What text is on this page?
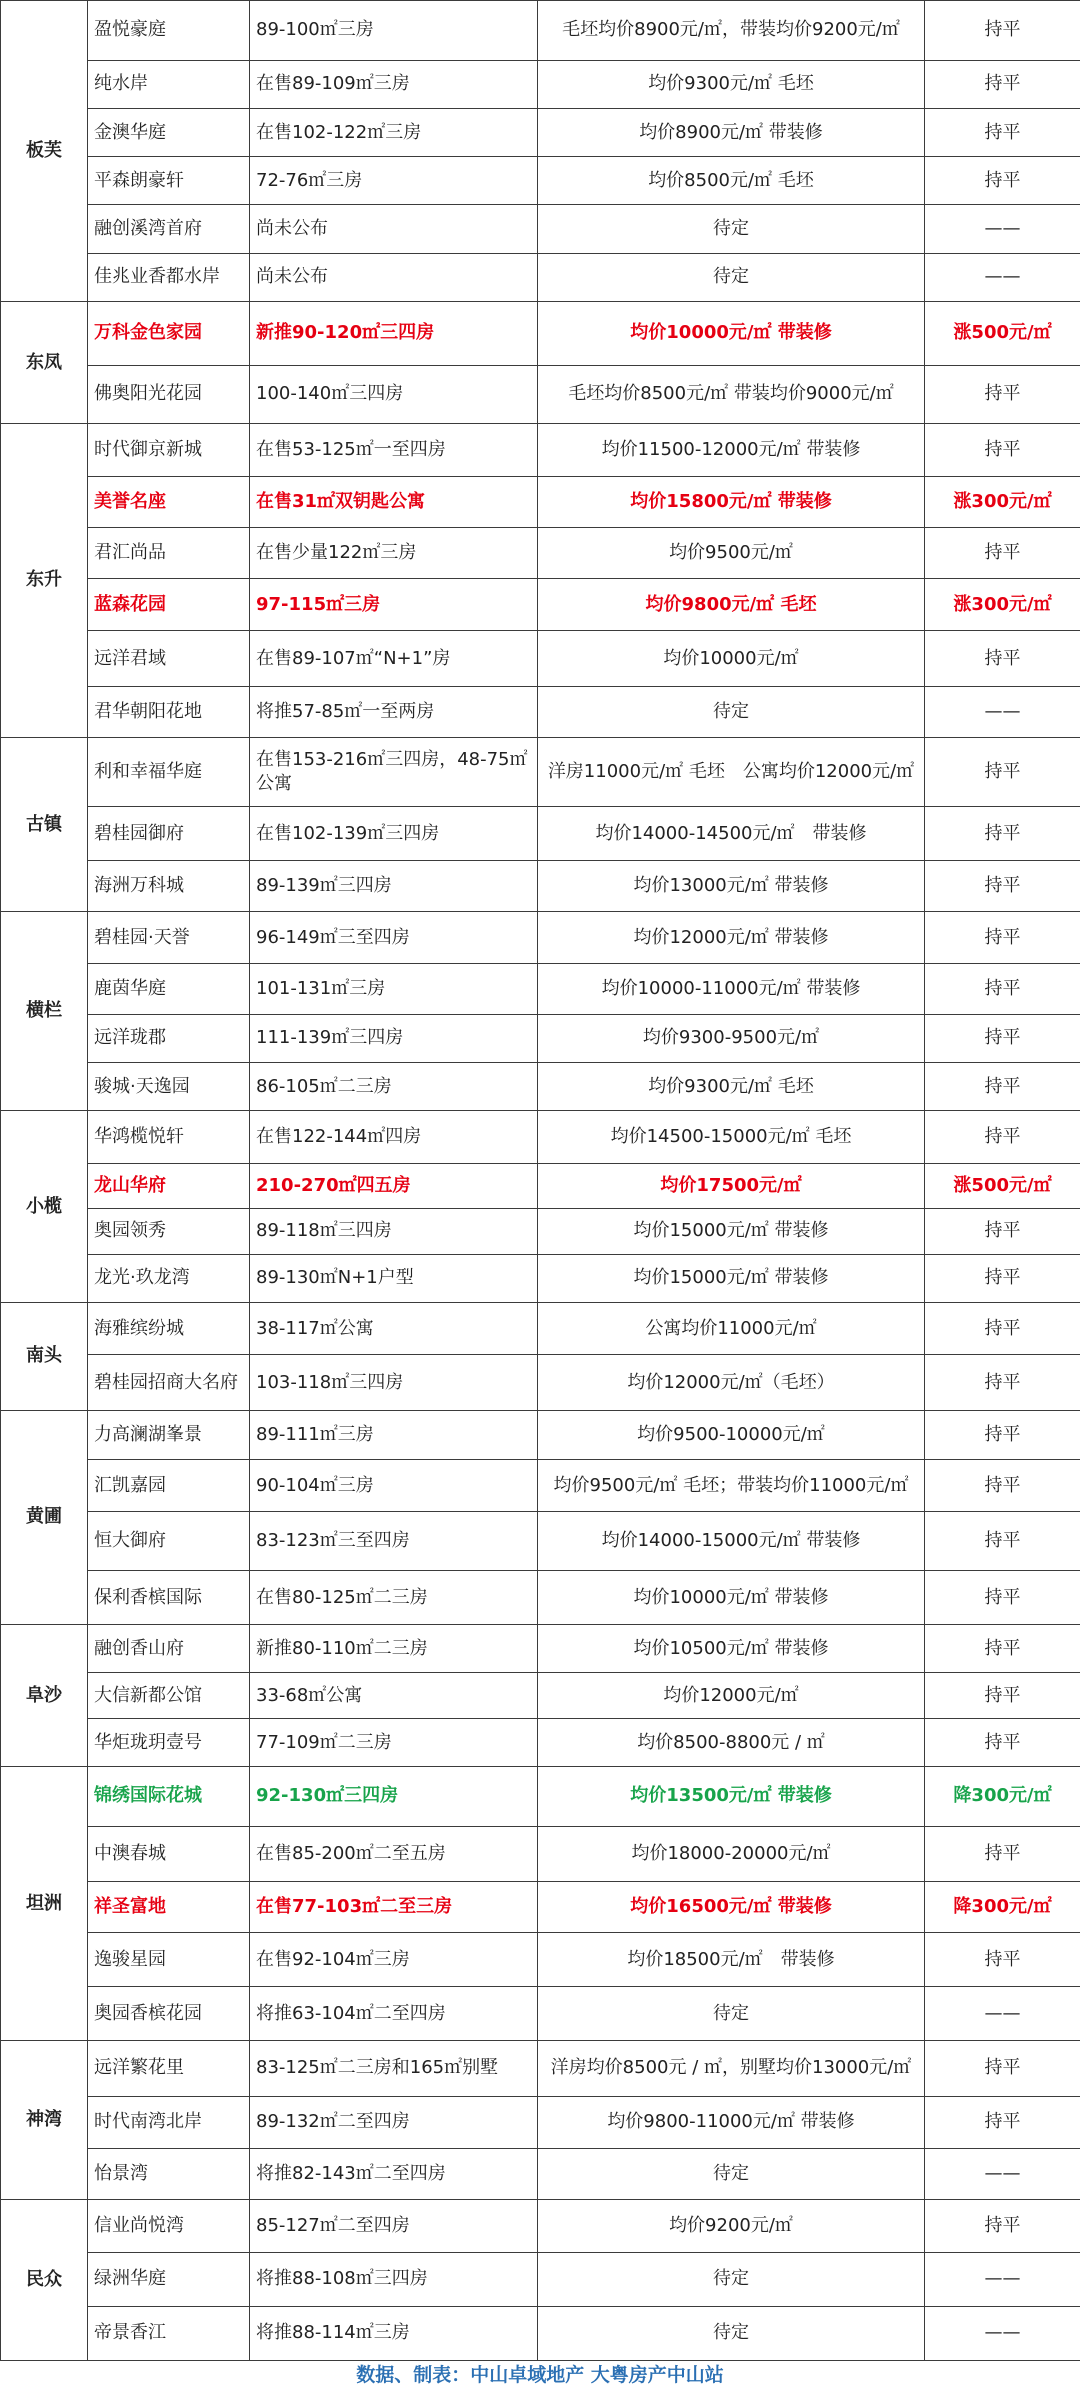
板芙	盈悦豪庭	89-100㎡三房	毛坯均价8900元/㎡，带装均价9200元/㎡	持平
	纯水岸	在售89-109㎡三房	均价9300元/㎡ 毛坯	持平
	金澳华庭	在售102-122㎡三房	均价8900元/㎡ 带装修	持平
	平森朗豪轩	72-76㎡三房	均价8500元/㎡ 毛坯	持平
	融创溪湾首府	尚未公布	待定	——
	佳兆业香都水岸	尚未公布	待定	——
东凤	万科金色家园	新推90-120㎡三四房	均价10000元/㎡ 带装修	涨500元/㎡
	佛奥阳光花园	100-140㎡三四房	毛坯均价8500元/㎡ 带装均价9000元/㎡	持平
东升	时代御京新城	在售53-125㎡一至四房	均价11500-12000元/㎡ 带装修	持平
	美誉名座	在售31㎡双钥匙公寓	均价15800元/㎡ 带装修	涨300元/㎡
	君汇尚品	在售少量122㎡三房	均价9500元/㎡	持平
	蓝森花园	97-115㎡三房	均价9800元/㎡ 毛坯	涨300元/㎡
	远洋君域	在售89-107㎡“N+1”房	均价10000元/㎡	持平
	君华朝阳花地	将推57-85㎡一至两房	待定	——
古镇	利和幸福华庭	在售153-216㎡三四房，48-75㎡公寓	洋房11000元/㎡ 毛坯　公寓均价12000元/㎡	持平
	碧桂园御府	在售102-139㎡三四房	均价14000-14500元/㎡　带装修	持平
	海洲万科城	89-139㎡三四房	均价13000元/㎡ 带装修	持平
横栏	碧桂园·天誉	96-149㎡三至四房	均价12000元/㎡ 带装修	持平
	鹿茵华庭	101-131㎡三房	均价10000-11000元/㎡ 带装修	持平
	远洋珑郡	111-139㎡三四房	均价9300-9500元/㎡	持平
	骏城·天逸园	86-105㎡二三房	均价9300元/㎡ 毛坯	持平
小榄	华鸿榄悦轩	在售122-144㎡四房	均价14500-15000元/㎡ 毛坯	持平
	龙山华府	210-270㎡四五房	均价17500元/㎡	涨500元/㎡
	奥园领秀	89-118㎡三四房	均价15000元/㎡ 带装修	持平
	龙光·玖龙湾	89-130㎡N+1户型	均价15000元/㎡ 带装修	持平
南头	海雅缤纷城	38-117㎡公寓	公寓均价11000元/㎡	持平
	碧桂园招商大名府	103-118㎡三四房	均价12000元/㎡（毛坯）	持平
黄圃	力高澜湖峯景	89-111㎡三房	均价9500-10000元/㎡	持平
	汇凯嘉园	90-104㎡三房	均价9500元/㎡ 毛坯；带装均价11000元/㎡	持平
	恒大御府	83-123㎡三至四房	均价14000-15000元/㎡ 带装修	持平
	保利香槟国际	在售80-125㎡二三房	均价10000元/㎡ 带装修	持平
阜沙	融创香山府	新推80-110㎡二三房	均价10500元/㎡ 带装修	持平
	大信新都公馆	33-68㎡公寓	均价12000元/㎡	持平
	华炬珑玥壹号	77-109㎡二三房	均价8500-8800元 / ㎡	持平
坦洲	锦绣国际花城	92-130㎡三四房	均价13500元/㎡ 带装修	降300元/㎡
	中澳春城	在售85-200㎡二至五房	均价18000-20000元/㎡	持平
	祥圣富地	在售77-103㎡二至三房	均价16500元/㎡ 带装修	降300元/㎡
	逸骏星园	在售92-104㎡三房	均价18500元/㎡　带装修	持平
	奥园香槟花园	将推63-104㎡二至四房	待定	——
神湾	远洋繁花里	83-125㎡二三房和165㎡别墅	洋房均价8500元 / ㎡，别墅均价13000元/㎡	持平
	时代南湾北岸	89-132㎡二至四房	均价9800-11000元/㎡ 带装修	持平
	怡景湾	将推82-143㎡二至四房	待定	——
民众	信业尚悦湾	85-127㎡二至四房	均价9200元/㎡	持平
	绿洲华庭	将推88-108㎡三四房	待定	——
	帝景香江	将推88-114㎡三房	待定	——
数据、制表：中山卓域地产 大粤房产中山站
